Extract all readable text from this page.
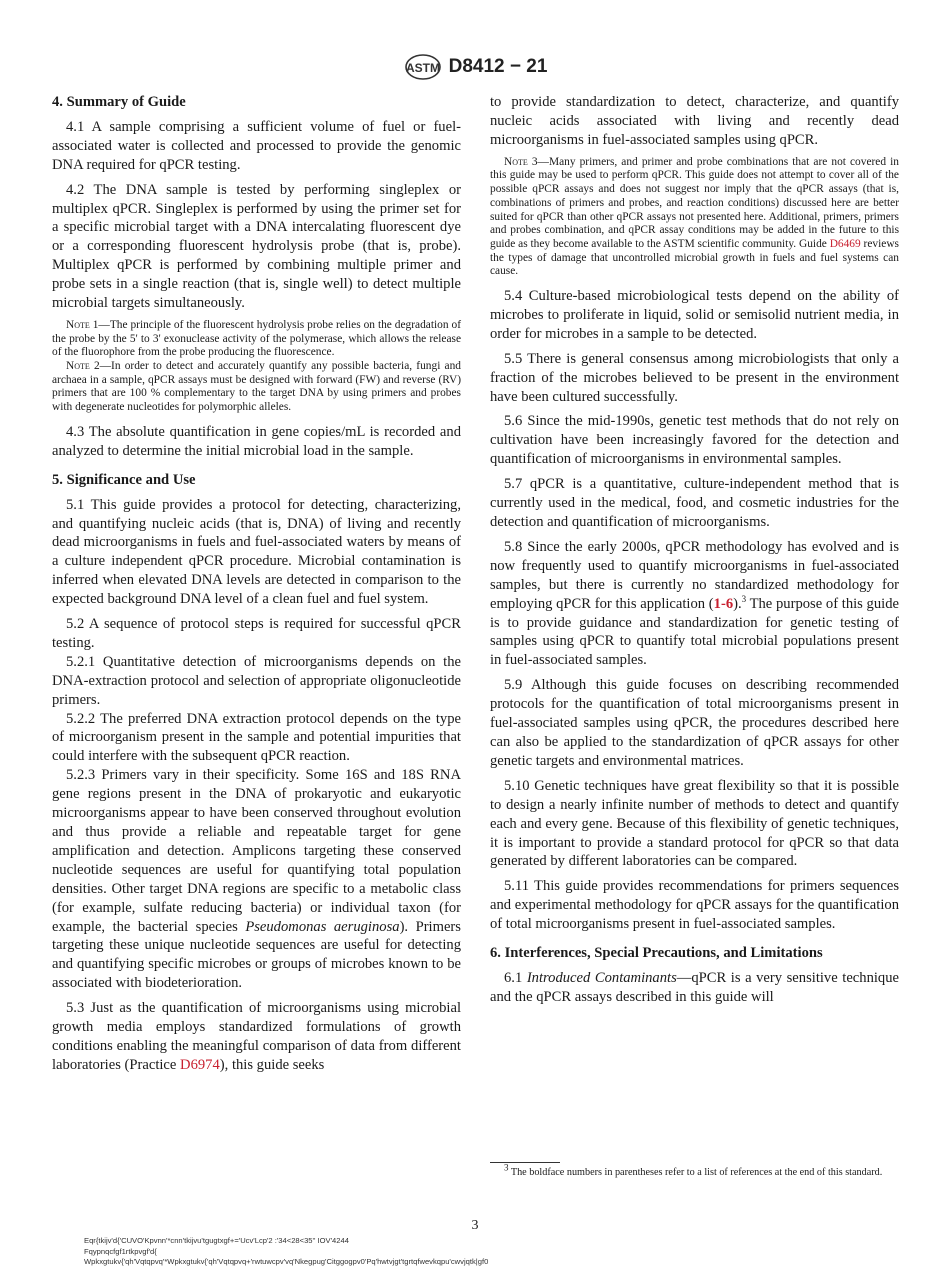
ASTM D8412 − 21
4. Summary of Guide
4.1 A sample comprising a sufficient volume of fuel or fuel-associated water is collected and processed to provide the genomic DNA required for qPCR testing.
4.2 The DNA sample is tested by performing singleplex or multiplex qPCR. Singleplex is performed by using the primer set for a specific microbial target with a DNA intercalating fluorescent dye or a corresponding fluorescent hydrolysis probe (that is, probe). Multiplex qPCR is performed by combining multiple primer and probe sets in a single reaction (that is, single well) to detect multiple microbial targets simultaneously.
Note 1—The principle of the fluorescent hydrolysis probe relies on the degradation of the probe by the 5' to 3' exonuclease activity of the polymerase, which allows the release of the fluorophore from the probe producing the fluorescence.
Note 2—In order to detect and accurately quantify any possible bacteria, fungi and archaea in a sample, qPCR assays must be designed with forward (FW) and reverse (RV) primers that are 100 % complementary to the target DNA by using primers and probes with degenerate nucleotides for polymorphic alleles.
4.3 The absolute quantification in gene copies/mL is recorded and analyzed to determine the initial microbial load in the sample.
5. Significance and Use
5.1 This guide provides a protocol for detecting, characterizing, and quantifying nucleic acids (that is, DNA) of living and recently dead microorganisms in fuels and fuel-associated waters by means of a culture independent qPCR procedure. Microbial contamination is inferred when elevated DNA levels are detected in comparison to the expected background DNA level of a clean fuel and fuel system.
5.2 A sequence of protocol steps is required for successful qPCR testing.
5.2.1 Quantitative detection of microorganisms depends on the DNA-extraction protocol and selection of appropriate oligonucleotide primers.
5.2.2 The preferred DNA extraction protocol depends on the type of microorganism present in the sample and potential impurities that could interfere with the subsequent qPCR reaction.
5.2.3 Primers vary in their specificity. Some 16S and 18S RNA gene regions present in the DNA of prokaryotic and eukaryotic microorganisms appear to have been conserved throughout evolution and thus provide a reliable and repeatable target for gene amplification and detection. Amplicons targeting these conserved nucleotide sequences are useful for quantifying total population densities. Other target DNA regions are specific to a metabolic class (for example, sulfate reducing bacteria) or individual taxon (for example, the bacterial species Pseudomonas aeruginosa). Primers targeting these unique nucleotide sequences are useful for detecting and quantifying specific microbes or groups of microbes known to be associated with biodeterioration.
5.3 Just as the quantification of microorganisms using microbial growth media employs standardized formulations of growth conditions enabling the meaningful comparison of data from different laboratories (Practice D6974), this guide seeks
to provide standardization to detect, characterize, and quantify nucleic acids associated with living and recently dead microorganisms in fuel-associated samples using qPCR.
Note 3—Many primers, and primer and probe combinations that are not covered in this guide may be used to perform qPCR. This guide does not attempt to cover all of the possible qPCR assays and does not suggest nor imply that the qPCR assays (that is, combinations of primers and probes, and reaction conditions) discussed here are better suited for qPCR than other qPCR assays not presented here. Additional, primers, primers and probes combination, and qPCR assay conditions may be added in the future to this guide as they become available to the ASTM scientific community. Guide D6469 reviews the types of damage that uncontrolled microbial growth in fuels and fuel systems can cause.
5.4 Culture-based microbiological tests depend on the ability of microbes to proliferate in liquid, solid or semisolid nutrient media, in order for microbes in a sample to be detected.
5.5 There is general consensus among microbiologists that only a fraction of the microbes believed to be present in the environment have been cultured successfully.
5.6 Since the mid-1990s, genetic test methods that do not rely on cultivation have been increasingly favored for the detection and quantification of microorganisms in environmental samples.
5.7 qPCR is a quantitative, culture-independent method that is currently used in the medical, food, and cosmetic industries for the detection and quantification of microorganisms.
5.8 Since the early 2000s, qPCR methodology has evolved and is now frequently used to quantify microorganisms in fuel-associated samples, but there is currently no standardized methodology for employing qPCR for this application (1-6).$^3$ The purpose of this guide is to provide guidance and standardization for genetic testing of samples using qPCR to quantify total microbial populations present in fuel-associated samples.
5.9 Although this guide focuses on describing recommended protocols for the quantification of total microorganisms present in fuel-associated samples using qPCR, the procedures described here can also be applied to the standardization of qPCR assays for other genetic targets and environmental matrices.
5.10 Genetic techniques have great flexibility so that it is possible to design a nearly infinite number of methods to detect and quantify each and every gene. Because of this flexibility of genetic techniques, it is important to provide a standard protocol for qPCR so that data generated by different laboratories can be compared.
5.11 This guide provides recommendations for primers sequences and experimental methodology for qPCR assays for the quantification of total microorganisms present in fuel-associated samples.
6. Interferences, Special Precautions, and Limitations
6.1 Introduced Contaminants—qPCR is a very sensitive technique and the qPCR assays described in this guide will
$^3$ The boldface numbers in parentheses refer to a list of references at the end of this standard.
3
Eqr{tkijv'd{'CUVO'Kpvnn'*cnn'tkijvu'tgugtxgf+='Ucv'Lcp'2 :'34<28<35'' IOV'4244
Fqypnqcfgf1rtkpvgf'd{
Wpkxgtukv{'qh'Vqtqpvq'*Wpkxgtukv{'qh'Vqtqpvq+'rwtuwcpv'vq'Nkegpug'Citggogpv0'Pq'hwtvjgt'tgrtqfwevkqpu'cwvjqtk|gf0
